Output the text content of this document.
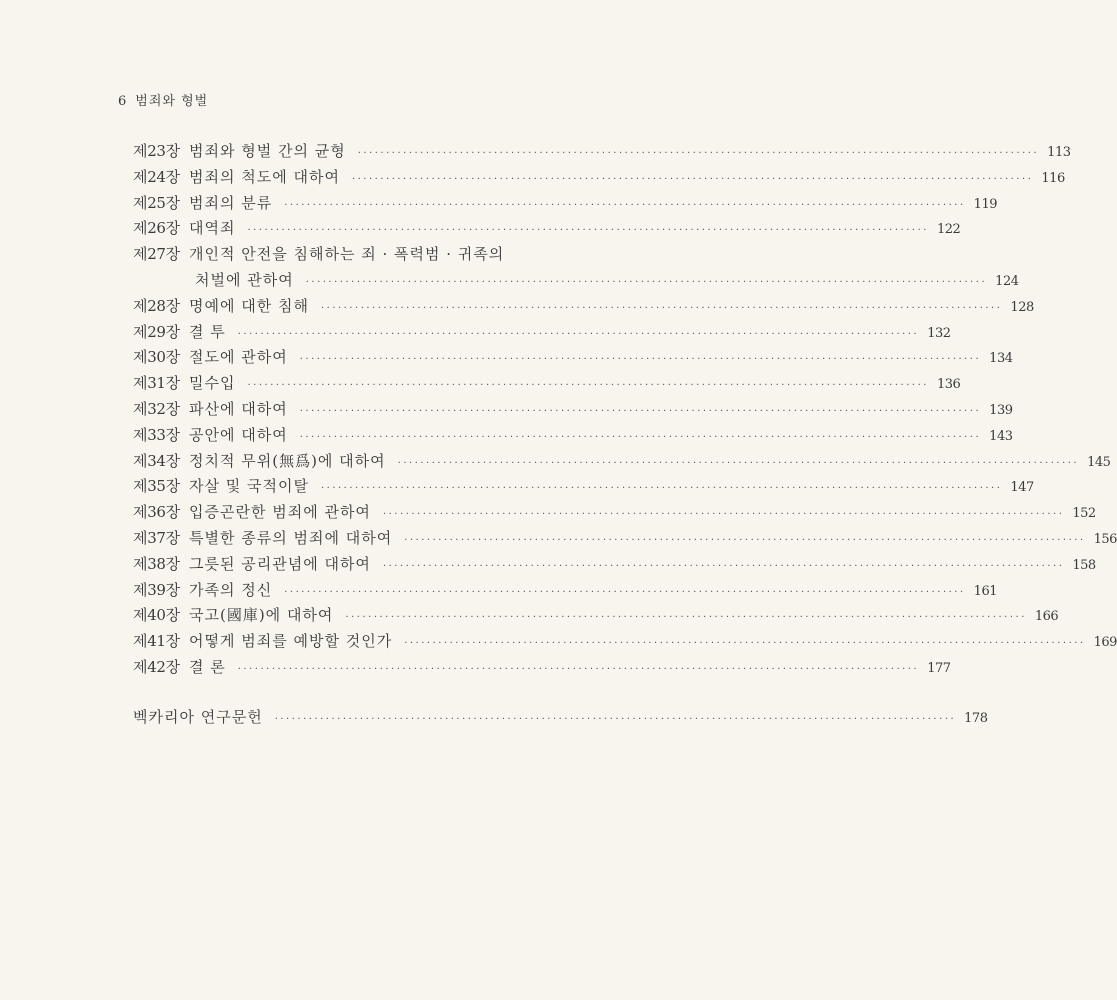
6 범죄와 형벌
제23장 범죄와 형벌 간의 균형 ························································································································ 113
제24장 범죄의 척도에 대하여 ························································································································ 116
제25장 범죄의 분류 ························································································································ 119
제26장 대역죄 ························································································································ 122
제27장 개인적 안전을 침해하는 죄 · 폭력범 · 귀족의
처벌에 관하여 ························································································································ 124
제28장 명예에 대한 침해 ························································································································ 128
제29장 결 투 ························································································································ 132
제30장 절도에 관하여 ························································································································ 134
제31장 밀수입 ························································································································ 136
제32장 파산에 대하여 ························································································································ 139
제33장 공안에 대하여 ························································································································ 143
제34장 정치적 무위(無爲)에 대하여 ························································································································ 145
제35장 자살 및 국적이탈 ························································································································ 147
제36장 입증곤란한 범죄에 관하여 ························································································································ 152
제37장 특별한 종류의 범죄에 대하여 ························································································································ 156
제38장 그릇된 공리관념에 대하여 ························································································································ 158
제39장 가족의 정신 ························································································································ 161
제40장 국고(國庫)에 대하여 ························································································································ 166
제41장 어떻게 범죄를 예방할 것인가 ························································································································ 169
제42장 결 론 ························································································································ 177
벡카리아 연구문헌 ························································································································ 178
